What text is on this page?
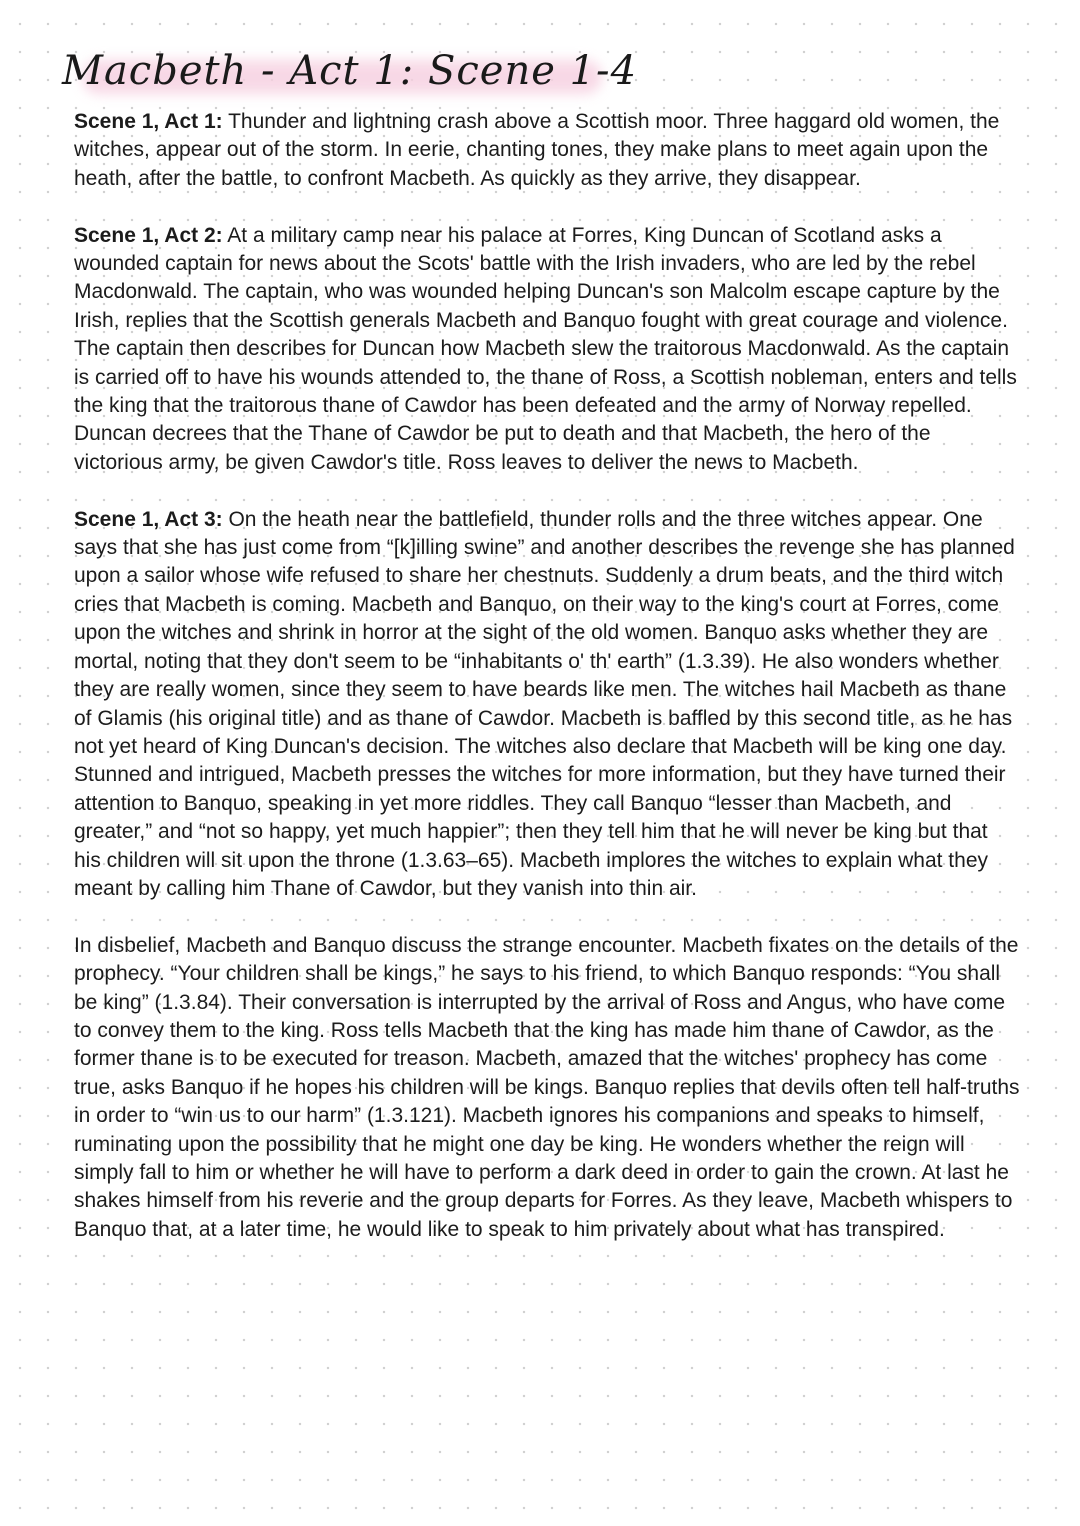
Macbeth - Act 1: Scene 1-4

Scene 1, Act 1: Thunder and lightning crash above a Scottish moor. Three haggard old women, the witches, appear out of the storm. In eerie, chanting tones, they make plans to meet again upon the heath, after the battle, to confront Macbeth. As quickly as they arrive, they disappear.

Scene 1, Act 2: At a military camp near his palace at Forres, King Duncan of Scotland asks a wounded captain for news about the Scots' battle with the Irish invaders, who are led by the rebel Macdonwald. The captain, who was wounded helping Duncan's son Malcolm escape capture by the Irish, replies that the Scottish generals Macbeth and Banquo fought with great courage and violence. The captain then describes for Duncan how Macbeth slew the traitorous Macdonwald. As the captain is carried off to have his wounds attended to, the thane of Ross, a Scottish nobleman, enters and tells the king that the traitorous thane of Cawdor has been defeated and the army of Norway repelled. Duncan decrees that the Thane of Cawdor be put to death and that Macbeth, the hero of the victorious army, be given Cawdor's title. Ross leaves to deliver the news to Macbeth.

Scene 1, Act 3: On the heath near the battlefield, thunder rolls and the three witches appear. One says that she has just come from “[k]illing swine” and another describes the revenge she has planned upon a sailor whose wife refused to share her chestnuts. Suddenly a drum beats, and the third witch cries that Macbeth is coming. Macbeth and Banquo, on their way to the king's court at Forres, come upon the witches and shrink in horror at the sight of the old women. Banquo asks whether they are mortal, noting that they don't seem to be “inhabitants o' th' earth” (1.3.39). He also wonders whether they are really women, since they seem to have beards like men. The witches hail Macbeth as thane of Glamis (his original title) and as thane of Cawdor. Macbeth is baffled by this second title, as he has not yet heard of King Duncan's decision. The witches also declare that Macbeth will be king one day. Stunned and intrigued, Macbeth presses the witches for more information, but they have turned their attention to Banquo, speaking in yet more riddles. They call Banquo “lesser than Macbeth, and greater,” and “not so happy, yet much happier”; then they tell him that he will never be king but that his children will sit upon the throne (1.3.63–65). Macbeth implores the witches to explain what they meant by calling him Thane of Cawdor, but they vanish into thin air.

In disbelief, Macbeth and Banquo discuss the strange encounter. Macbeth fixates on the details of the prophecy. “Your children shall be kings,” he says to his friend, to which Banquo responds: “You shall be king” (1.3.84). Their conversation is interrupted by the arrival of Ross and Angus, who have come to convey them to the king. Ross tells Macbeth that the king has made him thane of Cawdor, as the former thane is to be executed for treason. Macbeth, amazed that the witches' prophecy has come true, asks Banquo if he hopes his children will be kings. Banquo replies that devils often tell half-truths in order to “win us to our harm” (1.3.121). Macbeth ignores his companions and speaks to himself, ruminating upon the possibility that he might one day be king. He wonders whether the reign will simply fall to him or whether he will have to perform a dark deed in order to gain the crown. At last he shakes himself from his reverie and the group departs for Forres. As they leave, Macbeth whispers to Banquo that, at a later time, he would like to speak to him privately about what has transpired.
